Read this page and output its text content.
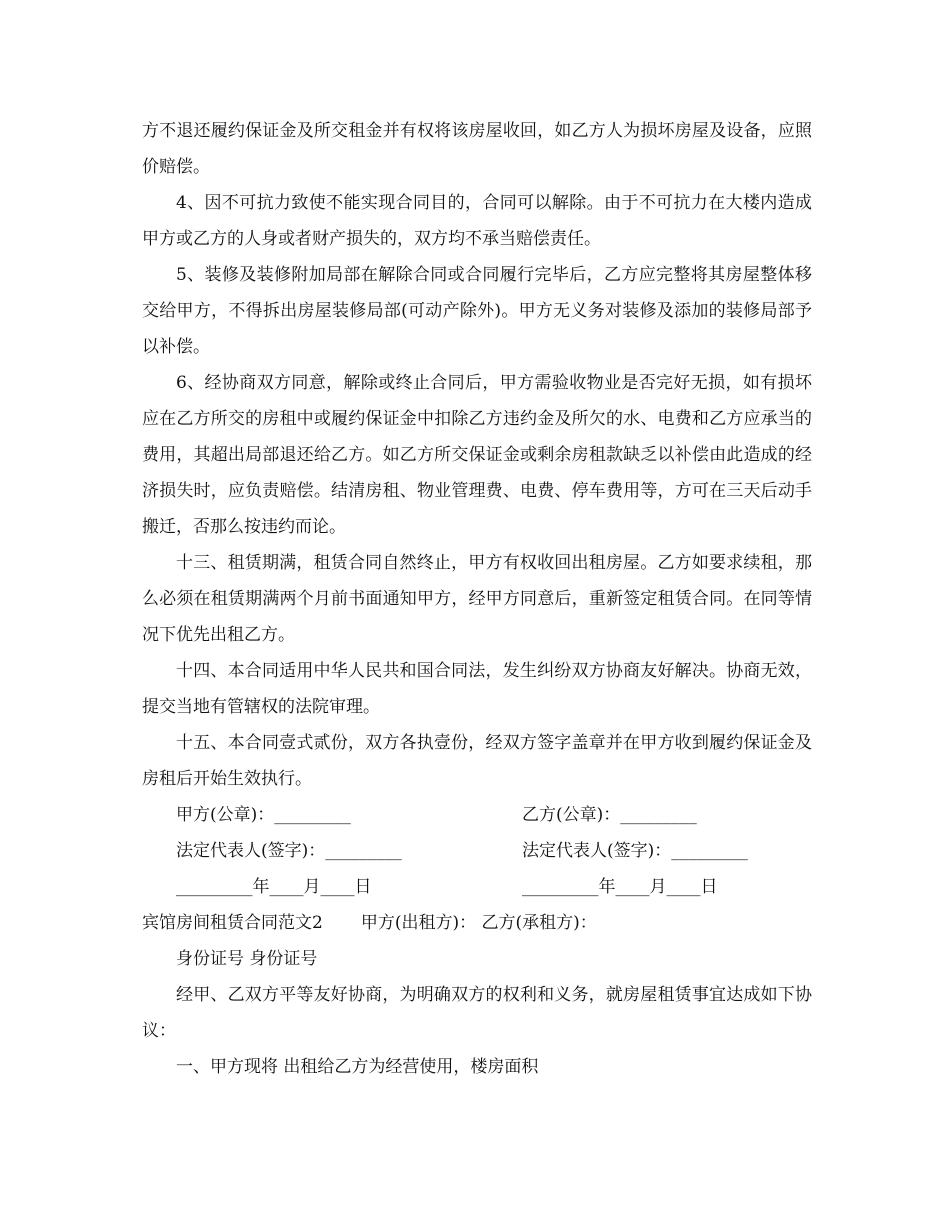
方不退还履约保证金及所交租金并有权将该房屋收回，如乙方人为损坏房屋及设备，应照价赔偿。

4、因不可抗力致使不能实现合同目的，合同可以解除。由于不可抗力在大楼内造成甲方或乙方的人身或者财产损失的，双方均不承当赔偿责任。

5、装修及装修附加局部在解除合同或合同履行完毕后，乙方应完整将其房屋整体移交给甲方，不得拆出房屋装修局部(可动产除外)。甲方无义务对装修及添加的装修局部予以补偿。

6、经协商双方同意，解除或终止合同后，甲方需验收物业是否完好无损，如有损坏应在乙方所交的房租中或履约保证金中扣除乙方违约金及所欠的水、电费和乙方应承当的费用，其超出局部退还给乙方。如乙方所交保证金或剩余房租款缺乏以补偿由此造成的经济损失时，应负责赔偿。结清房租、物业管理费、电费、停车费用等，方可在三天后动手搬迁，否那么按违约而论。

十三、租赁期满，租赁合同自然终止，甲方有权收回出租房屋。乙方如要求续租，那么必须在租赁期满两个月前书面通知甲方，经甲方同意后，重新签定租赁合同。在同等情况下优先出租乙方。

十四、本合同适用中华人民共和国合同法，发生纠纷双方协商友好解决。协商无效，提交当地有管辖权的法院审理。

十五、本合同壹式贰份，双方各执壹份，经双方签字盖章并在甲方收到履约保证金及房租后开始生效执行。

甲方(公章)：_________	乙方(公章)：_________
法定代表人(签字)：_________	法定代表人(签字)：_________
_________年____月____日	_________年____月____日
宾馆房间租赁合同范文2 甲方(出租方)： 乙方(承租方)：

身份证号 身份证号

经甲、乙双方平等友好协商，为明确双方的权利和义务，就房屋租赁事宜达成如下协议：

一、甲方现将 出租给乙方为经营使用，楼房面积
